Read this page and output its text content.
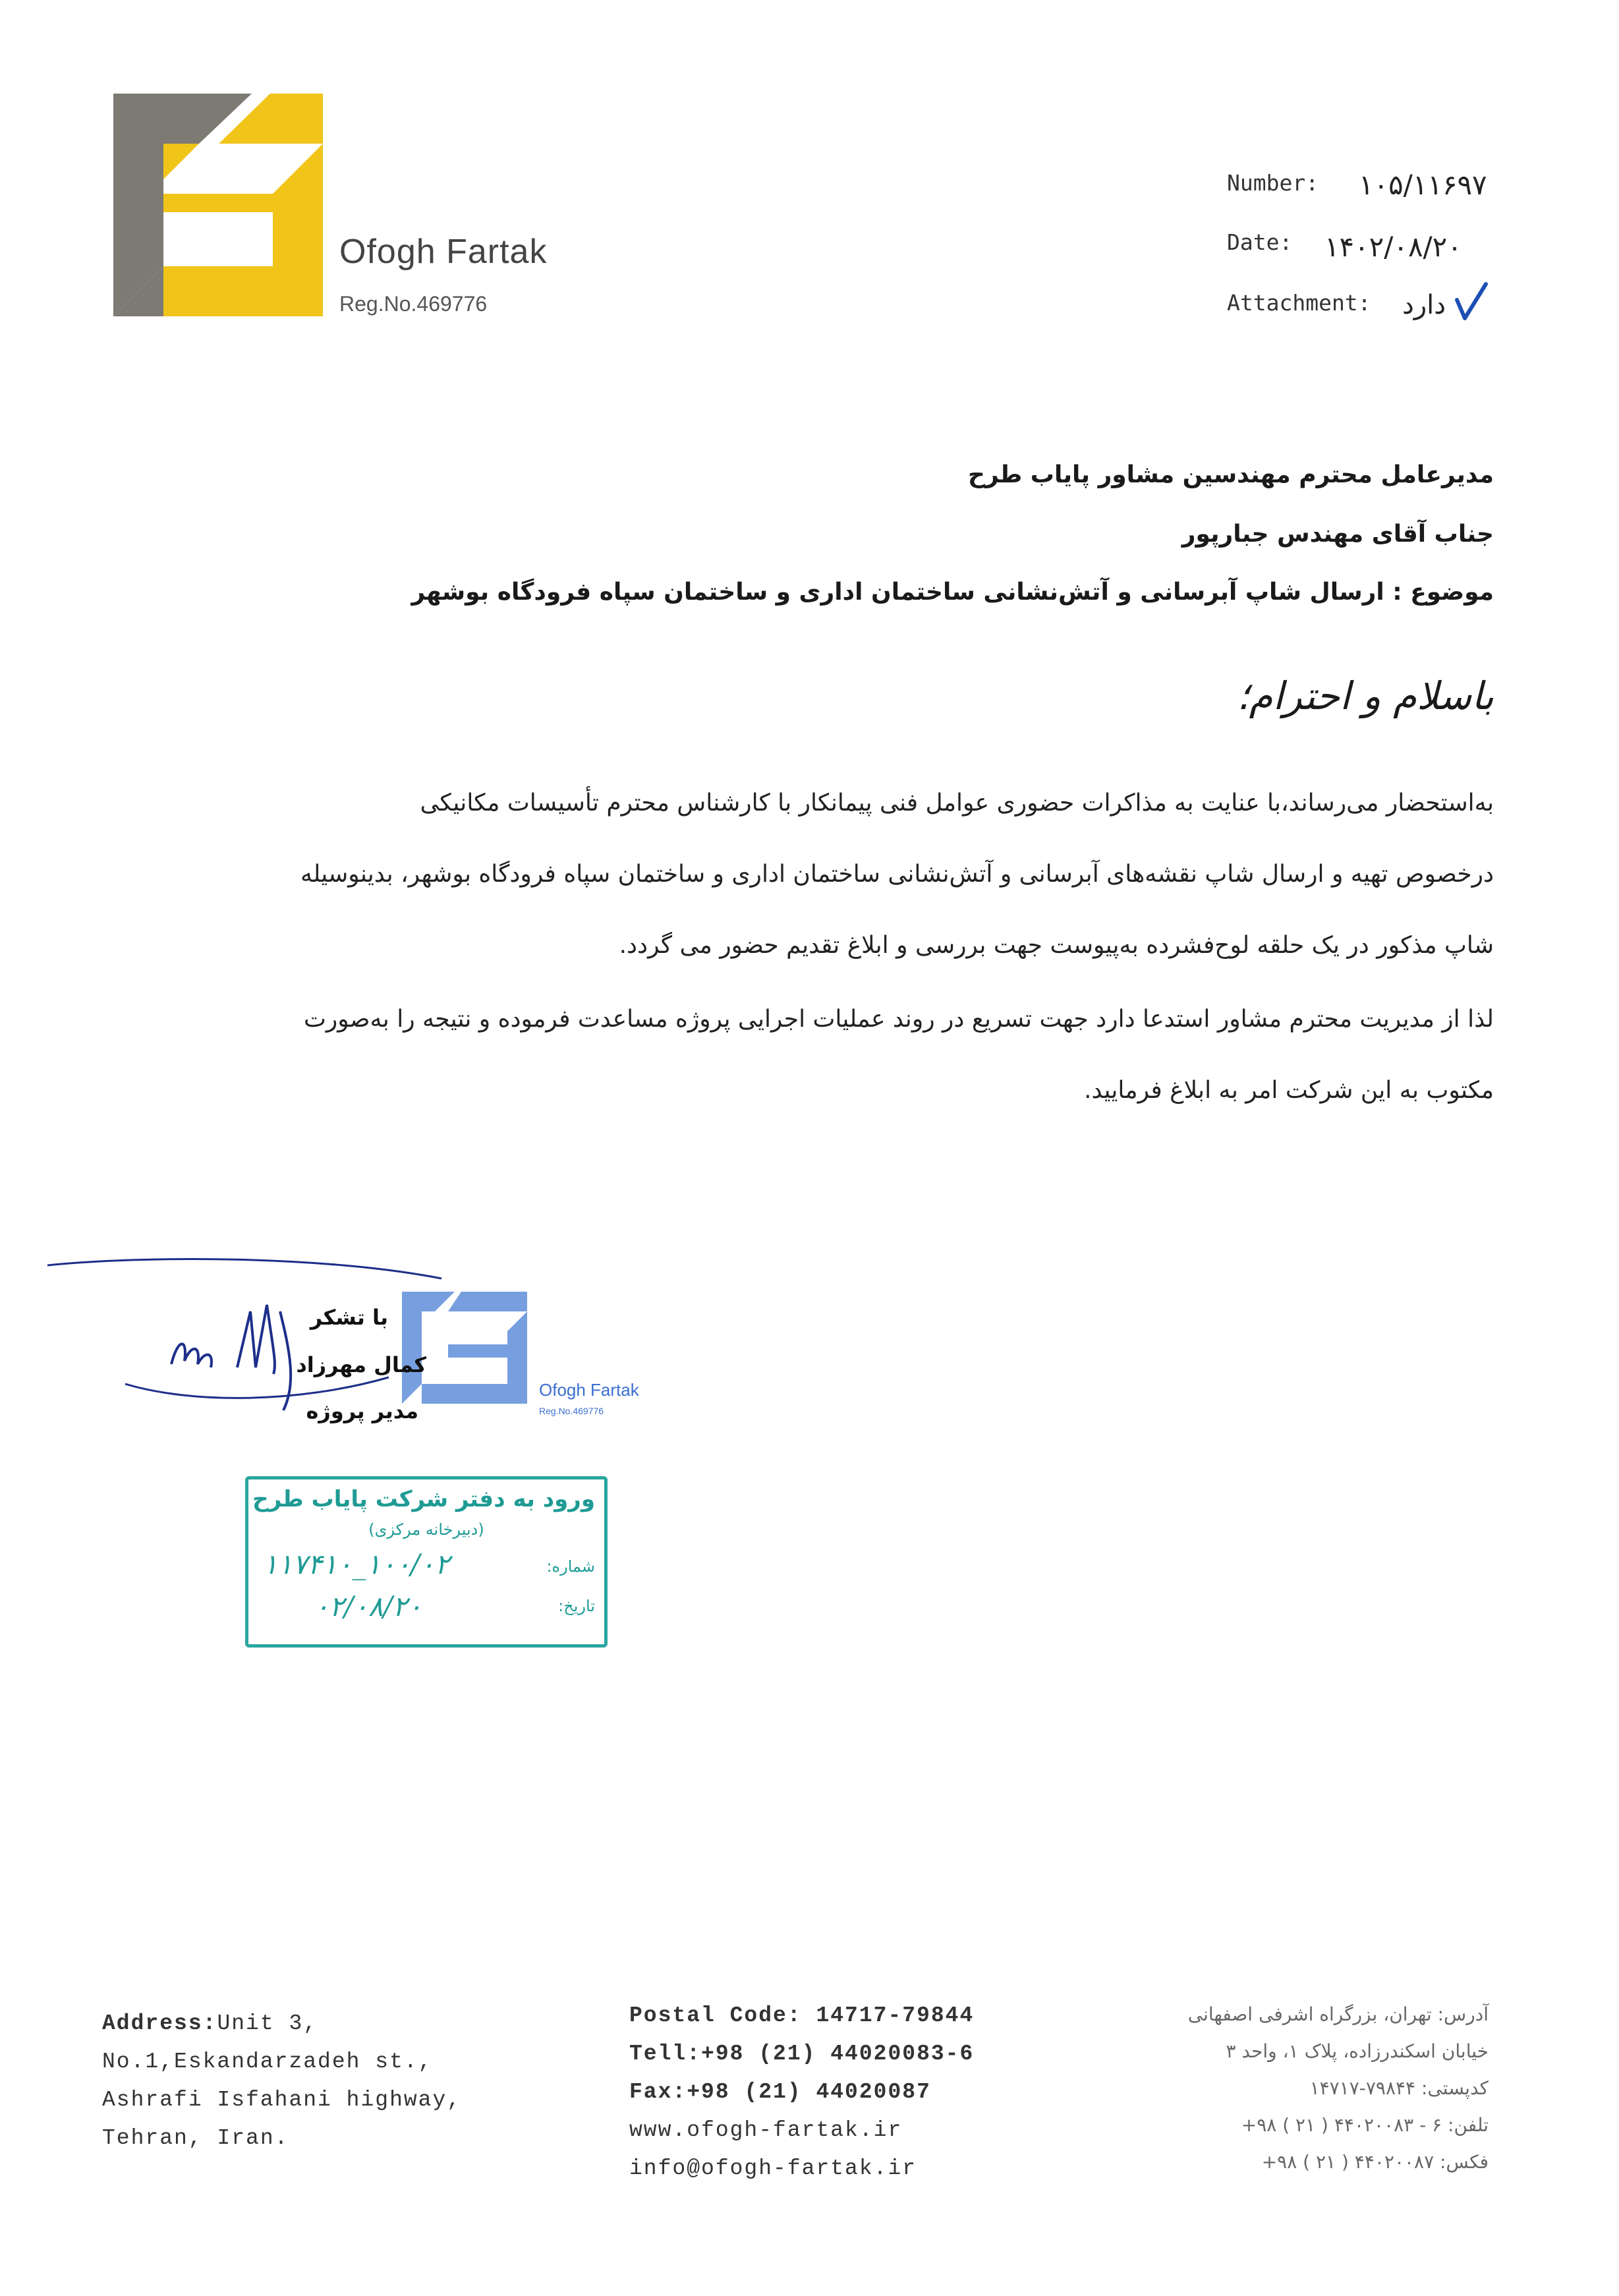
Ofogh Fartak
Reg.No.469776
Number: ۱۰۵/۱۱۶۹۷
Date: ۱۴۰۲/۰۸/۲۰
Attachment: دارد
مدیرعامل محترم مهندسین مشاور پایاب طرح
جناب آقای مهندس جبارپور
موضوع : ارسال شاپ آبرسانی و آتش‌نشانی ساختمان اداری و ساختمان سپاه فرودگاه بوشهر
باسلام و احترام؛
به‌استحضار می‌رساند،با عنایت به مذاکرات حضوری عوامل فنی پیمانکار با کارشناس محترم تأسیسات مکانیکی
درخصوص تهیه و ارسال شاپ نقشه‌های آبرسانی و آتش‌نشانی ساختمان اداری و ساختمان سپاه فرودگاه بوشهر، بدینوسیله
شاپ مذکور در یک حلقه لوح‌فشرده به‌پیوست جهت بررسی و ابلاغ تقدیم حضور می گردد.
لذا از مدیریت محترم مشاور استدعا دارد جهت تسریع در روند عملیات اجرایی پروژه مساعدت فرموده و نتیجه را به‌صورت
مکتوب به این شرکت امر به ابلاغ فرمایید.
Ofogh Fartak
Reg.No.469776
با تشکر
کمال مهرزاد
مدیر پروژه
ورود به دفتر شرکت پایاب طرح
(دبیرخانه مرکزی)
شماره:
۱۰۰/۰۲_۱۱۷۴۱۰
تاریخ:
۰۲/۰۸/۲۰
Address:Unit 3,
No.1,Eskandarzadeh st.,
Ashrafi Isfahani highway,
Tehran, Iran.
Postal Code: 14717-79844
Tell:+98 (21) 44020083-6
Fax:+98 (21) 44020087
www.ofogh-fartak.ir
info@ofogh-fartak.ir
آدرس: تهران، بزرگراه اشرفی اصفهانی
خیابان اسکندرزاده، پلاک ۱، واحد ۳
کدپستی: ۷۹۸۴۴-۱۴۷۱۷
تلفن: ۶ - ۴۴۰۲۰۰۸۳ ( ۲۱ ) ۹۸+
فکس: ۴۴۰۲۰۰۸۷ ( ۲۱ ) ۹۸+
